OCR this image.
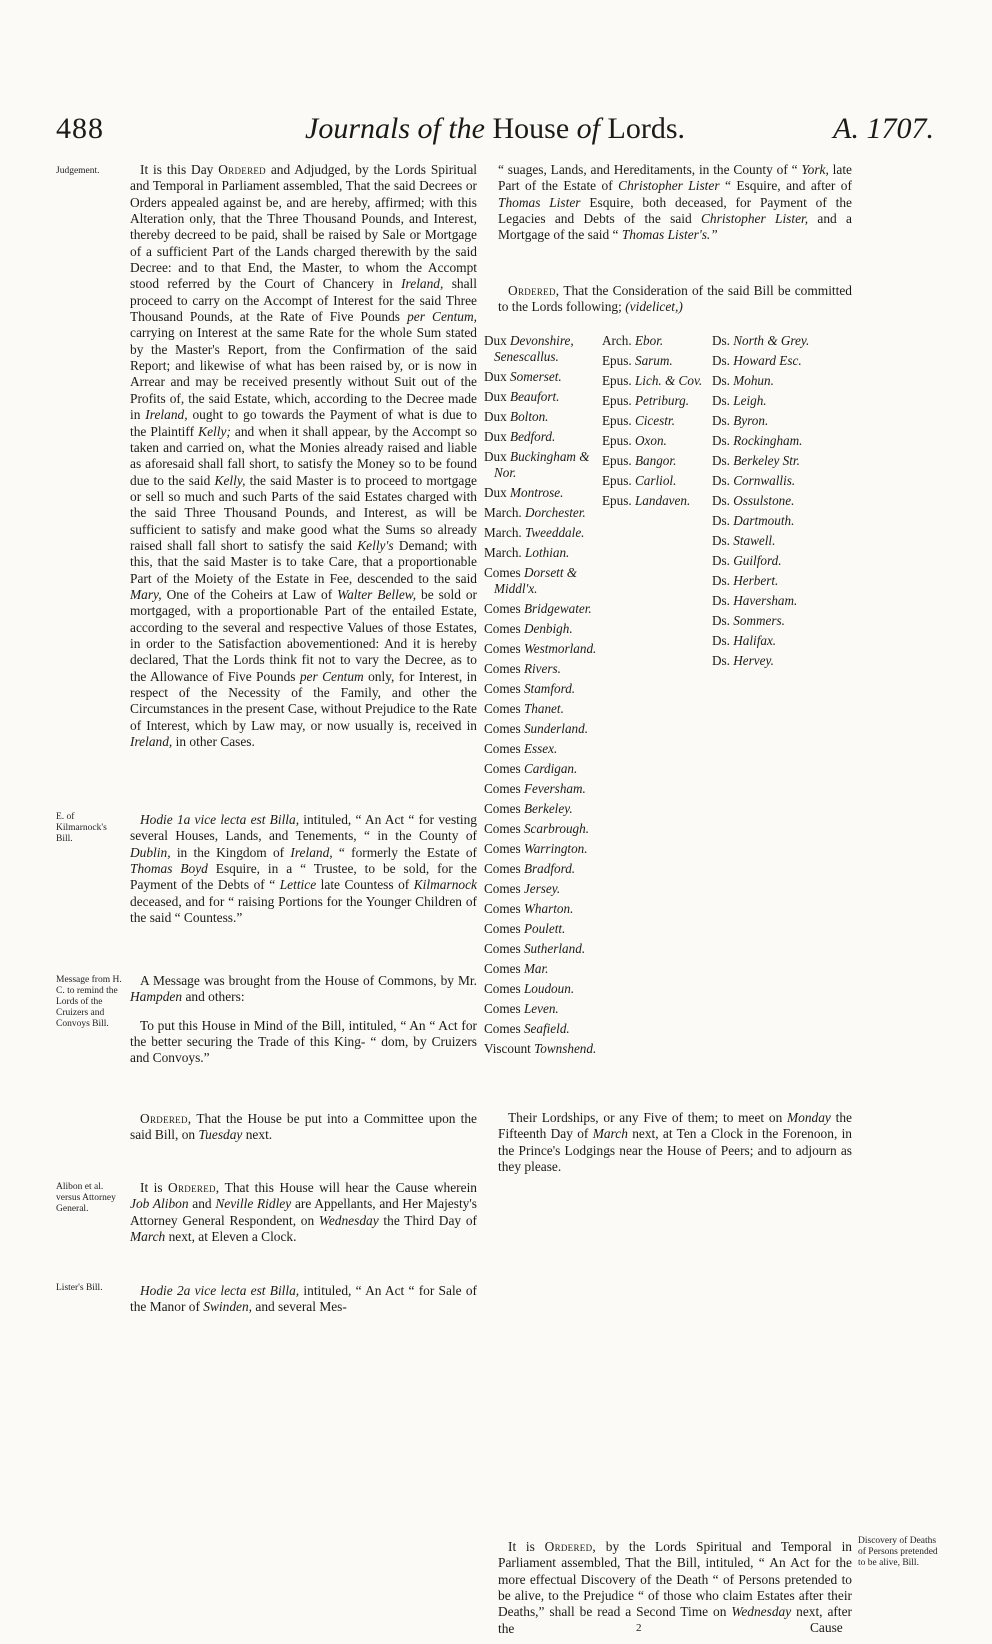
488	Journals of the House of Lords.	A. 1707.
Judgement.
E. of Kilmarnock's Bill.
Message from H. C. to remind the Lords of the Cruizers and Convoys Bill.
Alibon et al. versus Attorney General.
Lister's Bill.
Discovery of Deaths of Persons pretended to be alive, Bill.

It is this Day Ordered and Adjudged, by the Lords Spiritual and Temporal in Parliament assembled, That the said Decrees or Orders appealed against be, and are hereby, affirmed; with this Alteration only, that the Three Thousand Pounds, and Interest, thereby decreed to be paid, shall be raised by Sale or Mortgage of a sufficient Part of the Lands charged therewith by the said Decree: and to that End, the Master, to whom the Accompt stood referred by the Court of Chancery in Ireland, shall proceed to carry on the Accompt of Interest for the said Three Thousand Pounds, at the Rate of Five Pounds per Centum, carrying on Interest at the same Rate for the whole Sum stated by the Master's Report, from the Confirmation of the said Report; and likewise of what has been raised by, or is now in Arrear and may be received presently without Suit out of the Profits of, the said Estate, which, according to the Decree made in Ireland, ought to go towards the Payment of what is due to the Plaintiff Kelly; and when it shall appear, by the Accompt so taken and carried on, what the Monies already raised and liable as aforesaid shall fall short, to satisfy the Money so to be found due to the said Kelly, the said Master is to proceed to mortgage or sell so much and such Parts of the said Estates charged with the said Three Thousand Pounds, and Interest, as will be sufficient to satisfy and make good what the Sums so already raised shall fall short to satisfy the said Kelly's Demand; with this, that the said Master is to take Care, that a proportionable Part of the Moiety of the Estate in Fee, descended to the said Mary, One of the Coheirs at Law of Walter Bellew, be sold or mortgaged, with a proportionable Part of the entailed Estate, according to the several and respective Values of those Estates, in order to the Satisfaction abovementioned: And it is hereby declared, That the Lords think fit not to vary the Decree, as to the Allowance of Five Pounds per Centum only, for Interest, in respect of the Necessity of the Family, and other the Circumstances in the present Case, without Prejudice to the Rate of Interest, which by Law may, or now usually is, received in Ireland, in other Cases.

Hodie 1a vice lecta est Billa, intituled, “ An Act “ for vesting several Houses, Lands, and Tenements, “ in the County of Dublin, in the Kingdom of Ireland, “ formerly the Estate of Thomas Boyd Esquire, in a “ Trustee, to be sold, for the Payment of the Debts of “ Lettice late Countess of Kilmarnock deceased, and for “ raising Portions for the Younger Children of the said “ Countess.”

A Message was brought from the House of Commons, by Mr. Hampden and others:

To put this House in Mind of the Bill, intituled, “ An “ Act for the better securing the Trade of this King- “ dom, by Cruizers and Convoys.”

Ordered, That the House be put into a Committee upon the said Bill, on Tuesday next.

It is Ordered, That this House will hear the Cause wherein Job Alibon and Neville Ridley are Appellants, and Her Majesty's Attorney General Respondent, on Wednesday the Third Day of March next, at Eleven a Clock.

Hodie 2a vice lecta est Billa, intituled, “ An Act “ for Sale of the Manor of Swinden, and several Mes-

“ suages, Lands, and Hereditaments, in the County of “ York, late Part of the Estate of Christopher Lister “ Esquire, and after of Thomas Lister Esquire, both deceased, for Payment of the Legacies and Debts of the said Christopher Lister, and a Mortgage of the said “ Thomas Lister's.”

Ordered, That the Consideration of the said Bill be committed to the Lords following; (videlicet,)

Dux Devonshire, Senescallus.
Dux Somerset.
Dux Beaufort.
Dux Bolton.
Dux Bedford.
Dux Buckingham & Nor.
Dux Montrose.
March. Dorchester.
March. Tweeddale.
March. Lothian.
Comes Dorsett & Middl'x.
Comes Bridgewater.
Comes Denbigh.
Comes Westmorland.
Comes Rivers.
Comes Stamford.
Comes Thanet.
Comes Sunderland.
Comes Essex.
Comes Cardigan.
Comes Feversham.
Comes Berkeley.
Comes Scarbrough.
Comes Warrington.
Comes Bradford.
Comes Jersey.
Comes Wharton.
Comes Poulett.
Comes Sutherland.
Comes Mar.
Comes Loudoun.
Comes Leven.
Comes Seafield.
Viscount Townshend.
Arch. Ebor.
Epus. Sarum.
Epus. Lich. & Cov.
Epus. Petriburg.
Epus. Cicestr.
Epus. Oxon.
Epus. Bangor.
Epus. Carliol.
Epus. Landaven.
Ds. North & Grey.
Ds. Howard Esc.
Ds. Mohun.
Ds. Leigh.
Ds. Byron.
Ds. Rockingham.
Ds. Berkeley Str.
Ds. Cornwallis.
Ds. Ossulstone.
Ds. Dartmouth.
Ds. Stawell.
Ds. Guilford.
Ds. Herbert.
Ds. Haversham.
Ds. Sommers.
Ds. Halifax.
Ds. Hervey.

Their Lordships, or any Five of them; to meet on Monday the Fifteenth Day of March next, at Ten a Clock in the Forenoon, in the Prince's Lodgings near the House of Peers; and to adjourn as they please.

It is Ordered, by the Lords Spiritual and Temporal in Parliament assembled, That the Bill, intituled, “ An Act for the more effectual Discovery of the Death “ of Persons pretended to be alive, to the Prejudice “ of those who claim Estates after their Deaths,” shall be read a Second Time on Wednesday next, after the	2	Cause
